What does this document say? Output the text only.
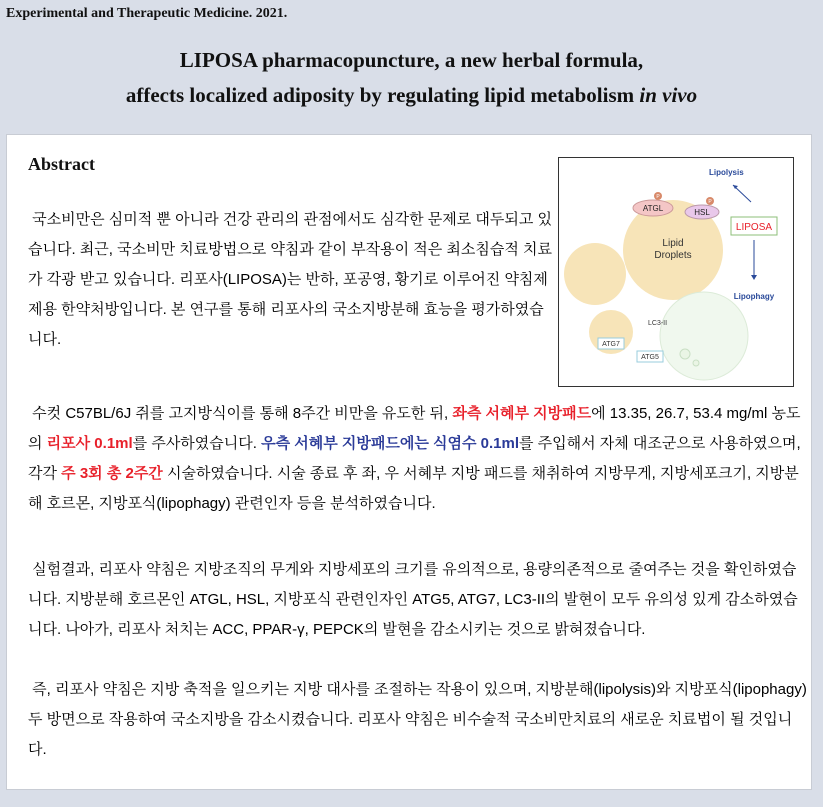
Experimental and Therapeutic Medicine. 2021.
LIPOSA pharmacopuncture, a new herbal formula,
affects localized adiposity by regulating lipid metabolism in vivo
Abstract
국소비만은 심미적 뿐 아니라 건강 관리의 관점에서도 심각한 문제로 대두되고 있습니다. 최근, 국소비만 치료방법으로 약침과 같이 부작용이 적은 최소침습적 치료가 각광 받고 있습니다. 리포사(LIPOSA)는 반하, 포공영, 황기로 이루어진 약침제제용 한약처방입니다. 본 연구를 통해 리포사의 국소지방분해 효능을 평가하였습니다.
ATGL
P
HSL
P
Lipid
Droplets
Lipolysis
LIPOSA
Lipophagy
LC3-II
ATG7
ATG5
수컷 C57BL/6J 쥐를 고지방식이를 통해 8주간 비만을 유도한 뒤, 좌측 서혜부 지방패드에 13.35, 26.7, 53.4 mg/ml 농도의 리포사 0.1ml를 주사하였습니다. 우측 서혜부 지방패드에는 식염수 0.1ml를 주입해서 자체 대조군으로 사용하였으며, 각각 주 3회 총 2주간 시술하였습니다. 시술 종료 후 좌, 우 서혜부 지방 패드를 채취하여 지방무게, 지방세포크기, 지방분해 호르몬, 지방포식(lipophagy) 관련인자 등을 분석하였습니다.
실험결과, 리포사 약침은 지방조직의 무게와 지방세포의 크기를 유의적으로, 용량의존적으로 줄여주는 것을 확인하였습니다. 지방분해 호르몬인 ATGL, HSL, 지방포식 관련인자인 ATG5, ATG7, LC3-II의 발현이 모두 유의성 있게 감소하였습니다. 나아가, 리포사 처치는 ACC, PPAR-γ, PEPCK의 발현을 감소시키는 것으로 밝혀졌습니다.
즉, 리포사 약침은 지방 축적을 일으키는 지방 대사를 조절하는 작용이 있으며, 지방분해(lipolysis)와 지방포식(lipophagy) 두 방면으로 작용하여 국소지방을 감소시켰습니다. 리포사 약침은 비수술적 국소비만치료의 새로운 치료법이 될 것입니다.
